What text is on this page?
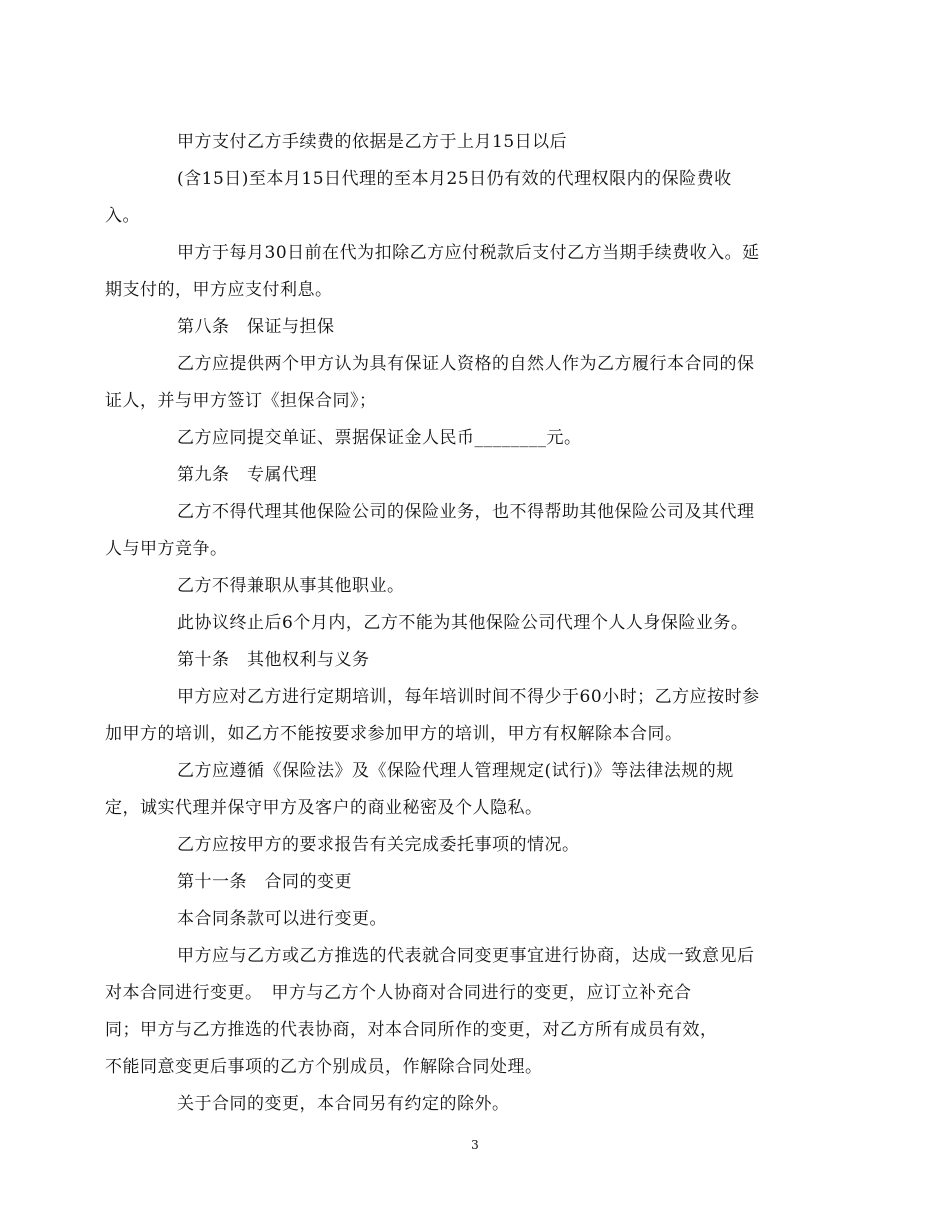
甲方支付乙方手续费的依据是乙方于上月15日以后

(含15日)至本月15日代理的至本月25日仍有效的代理权限内的保险费收
入。

甲方于每月30日前在代为扣除乙方应付税款后支付乙方当期手续费收入。延
期支付的，甲方应支付利息。

第八条　保证与担保

乙方应提供两个甲方认为具有保证人资格的自然人作为乙方履行本合同的保
证人，并与甲方签订《担保合同》；

乙方应同提交单证、票据保证金人民币________元。

第九条　专属代理

乙方不得代理其他保险公司的保险业务，也不得帮助其他保险公司及其代理
人与甲方竞争。

乙方不得兼职从事其他职业。

此协议终止后6个月内，乙方不能为其他保险公司代理个人人身保险业务。

第十条　其他权利与义务

甲方应对乙方进行定期培训，每年培训时间不得少于60小时；乙方应按时参
加甲方的培训，如乙方不能按要求参加甲方的培训，甲方有权解除本合同。

乙方应遵循《保险法》及《保险代理人管理规定(试行)》等法律法规的规
定，诚实代理并保守甲方及客户的商业秘密及个人隐私。

乙方应按甲方的要求报告有关完成委托事项的情况。

第十一条　合同的变更

本合同条款可以进行变更。

甲方应与乙方或乙方推选的代表就合同变更事宜进行协商，达成一致意见后
对本合同进行变更。　甲方与乙方个人协商对合同进行的变更，应订立补充合
同；甲方与乙方推选的代表协商，对本合同所作的变更，对乙方所有成员有效，
不能同意变更后事项的乙方个别成员，作解除合同处理。

关于合同的变更，本合同另有约定的除外。

3
